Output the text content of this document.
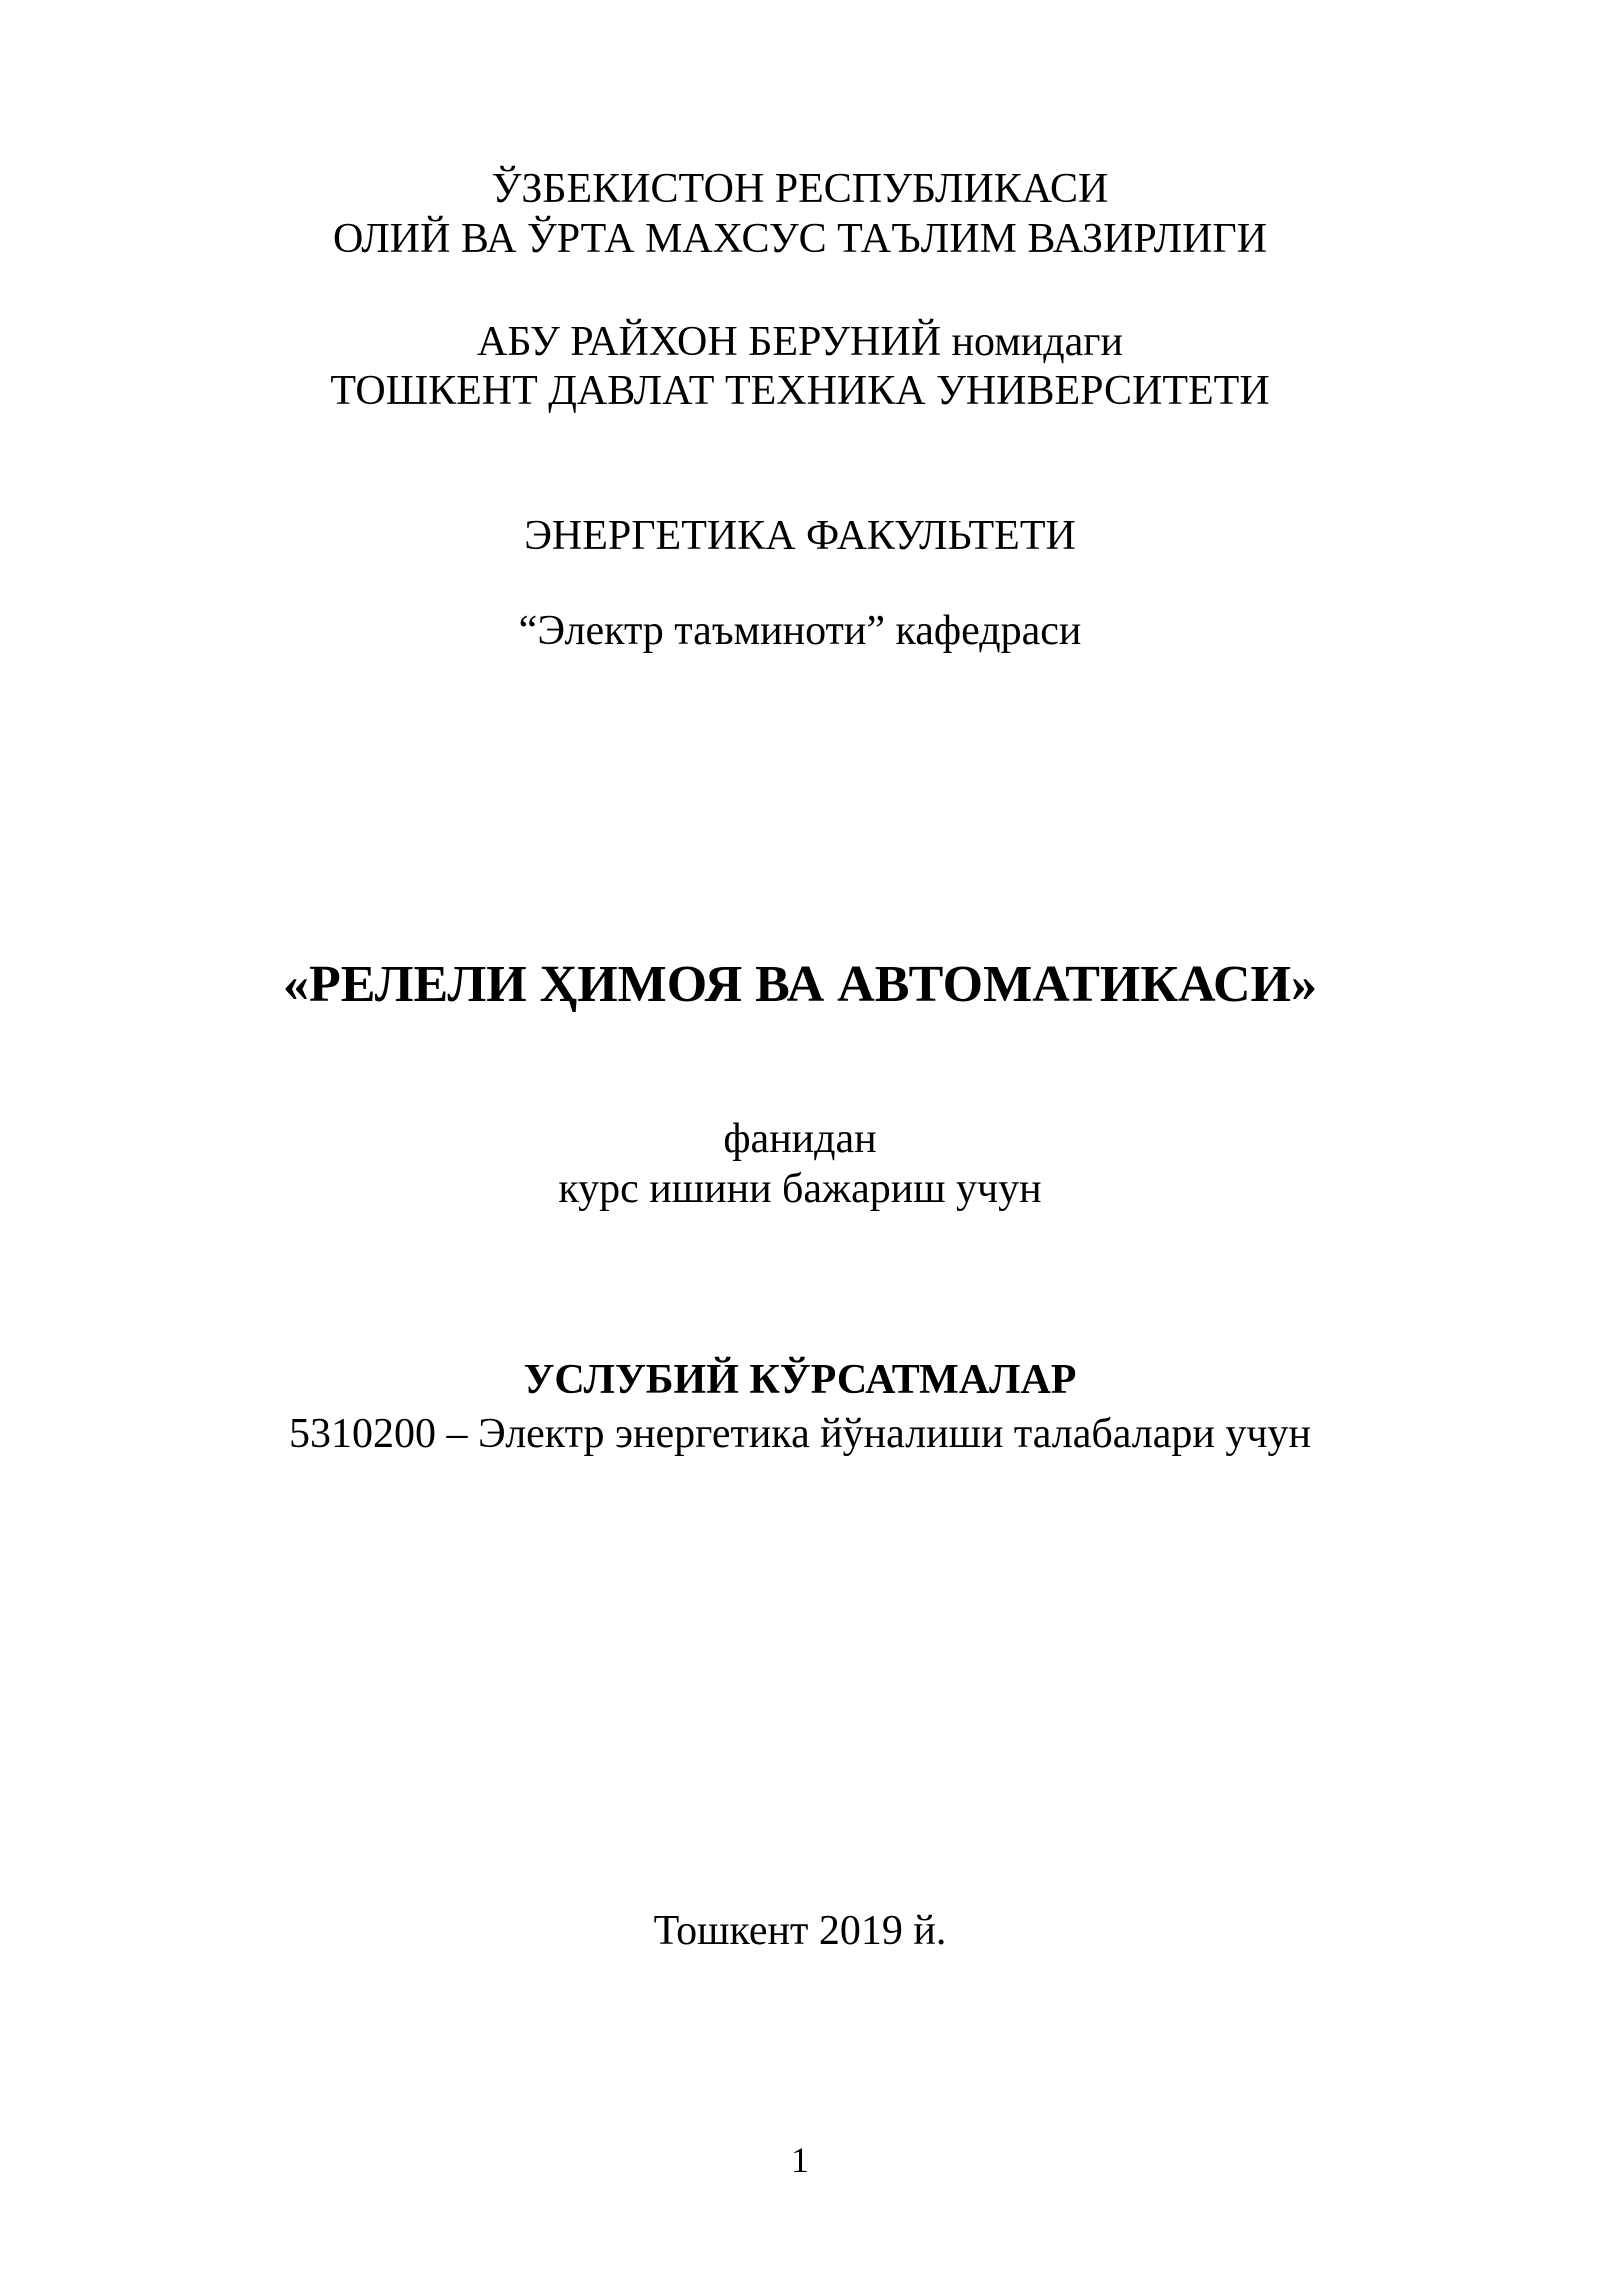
ЎЗБЕКИСТОН РЕСПУБЛИКАСИ
ОЛИЙ ВА ЎРТА МАХСУС ТАЪЛИМ ВАЗИРЛИГИ
АБУ РАЙХОН БЕРУНИЙ номидаги
ТОШКЕНТ ДАВЛАТ ТЕХНИКА УНИВЕРСИТЕТИ
ЭНЕРГЕТИКА ФАКУЛЬТЕТИ
“Электр таъминоти” кафедраси
«РЕЛЕЛИ ҲИМОЯ ВА АВТОМАТИКАСИ»
фанидан
курс ишини бажариш учун
УСЛУБИЙ КЎРСАТМАЛАР
5310200 – Электр энергетика йўналиши талабалари учун
Тошкент 2019 й.
1
